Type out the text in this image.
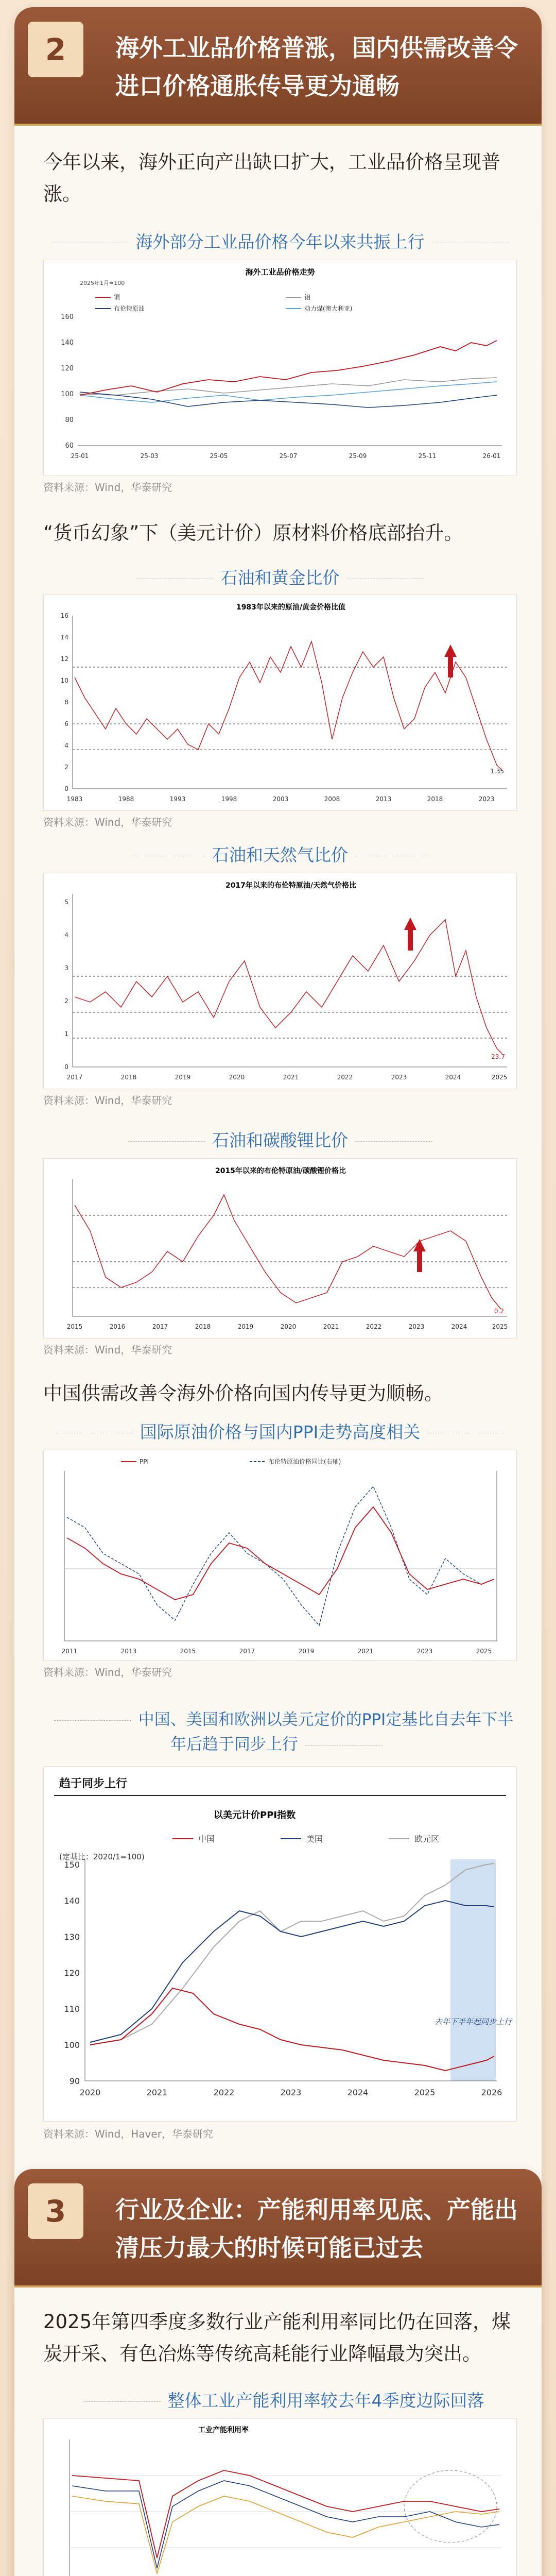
2	海外工业品价格普涨，国内供需改善令进口价格通胀传导更为通畅
今年以来，海外正向产出缺口扩大，工业品价格呈现普涨。
海外部分工业品价格今年以来共振上行
海外工业品价格走势
2025年1月=100
铜	铝
布伦特原油	动力煤(澳大利亚)
160
140
120
100
80
60
25-01	25-03	25-05	25-07	25-09	25-11	26-01
资料来源：Wind，华泰研究
“货币幻象”下（美元计价）原材料价格底部抬升。
石油和黄金比价
1983年以来的原油/黄金价格比值
16
14
12
10
8
6
4
2
0
1.35
1983	1988	1993	1998	2003	2008	2013	2018	2023
资料来源：Wind，华泰研究
石油和天然气比价
2017年以来的布伦特原油/天然气价格比
5
4
3
2
1
0
23.7
2017	2018	2019	2020	2021	2022	2023	2024	2025
资料来源：Wind，华泰研究
石油和碳酸锂比价
2015年以来的布伦特原油/碳酸锂价格比
0.2
2015	2016	2017	2018	2019	2020	2021	2022	2023	2024	2025
资料来源：Wind，华泰研究
中国供需改善令海外价格向国内传导更为顺畅。
国际原油价格与国内PPI走势高度相关
PPI	布伦特原油价格同比(右轴)
2011	2013	2015	2017	2019	2021	2023	2025
资料来源：Wind，华泰研究
中国、美国和欧洲以美元定价的PPI定基比自去年下半年后趋于同步上行
趋于同步上行
以美元计价PPI指数
中国	美国	欧元区
(定基比：2020/1=100)
150
140
130
120
110
100
90
去年下半年起同步上行
2020	2021	2022	2023	2024	2025	2026
资料来源：Wind，Haver，华泰研究
3	行业及企业：产能利用率见底、产能出清压力最大的时候可能已过去
2025年第四季度多数行业产能利用率同比仍在回落，煤炭开采、有色冶炼等传统高耗能行业降幅最为突出。
整体工业产能利用率较去年4季度边际回落
工业产能利用率
